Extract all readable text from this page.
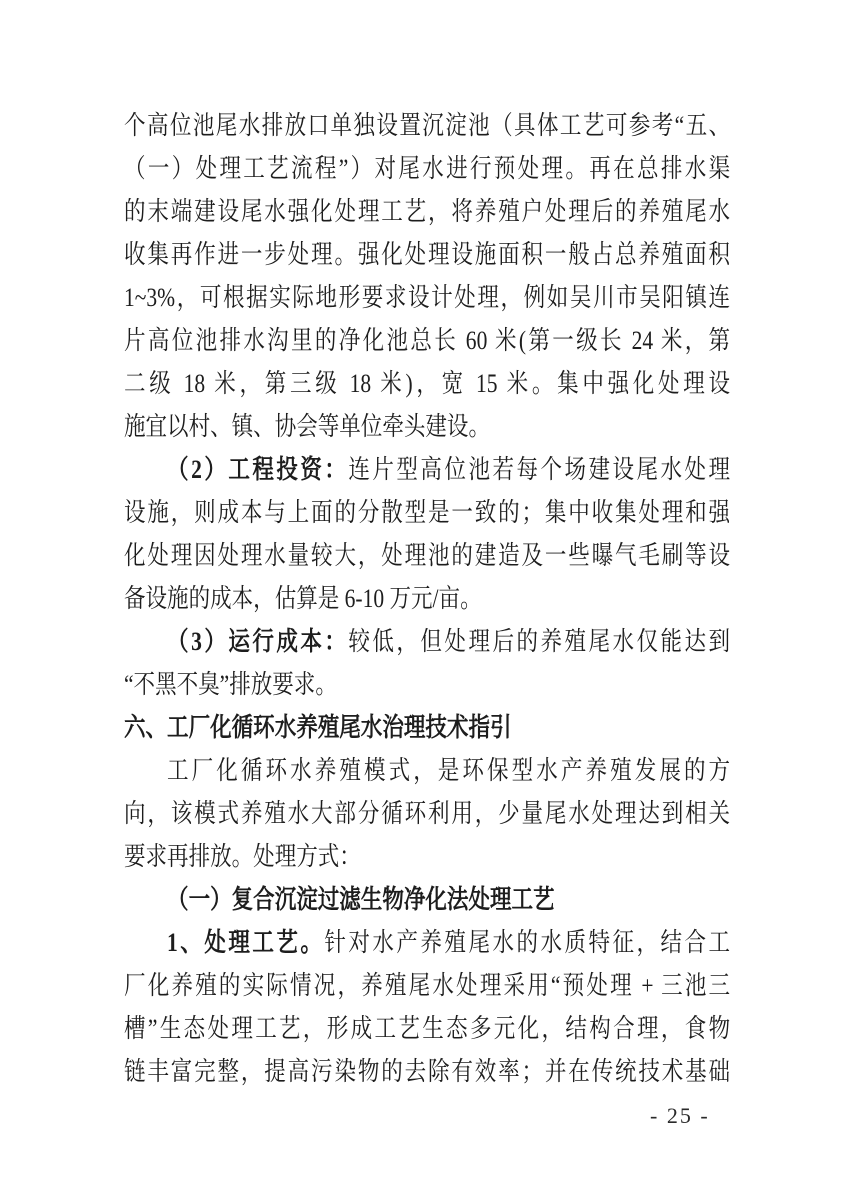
个高位池尾水排放口单独设置沉淀池（具体工艺可参考“五、
（一）处理工艺流程”）对尾水进行预处理。再在总排水渠
的末端建设尾水强化处理工艺，将养殖户处理后的养殖尾水
收集再作进一步处理。强化处理设施面积一般占总养殖面积
1~3%，可根据实际地形要求设计处理，例如吴川市吴阳镇连
片高位池排水沟里的净化池总长 60 米(第一级长 24 米，第
二级 18 米，第三级 18 米)，宽 15 米。集中强化处理设
施宜以村、镇、协会等单位牵头建设。
（2）工程投资：连片型高位池若每个场建设尾水处理
设施，则成本与上面的分散型是一致的；集中收集处理和强
化处理因处理水量较大，处理池的建造及一些曝气毛刷等设
备设施的成本，估算是 6-10 万元/亩。
（3）运行成本：较低，但处理后的养殖尾水仅能达到
“不黑不臭”排放要求。
六、工厂化循环水养殖尾水治理技术指引
工厂化循环水养殖模式，是环保型水产养殖发展的方
向，该模式养殖水大部分循环利用，少量尾水处理达到相关
要求再排放。处理方式：
（一）复合沉淀过滤生物净化法处理工艺
1、处理工艺。针对水产养殖尾水的水质特征，结合工
厂化养殖的实际情况，养殖尾水处理采用“预处理 + 三池三
槽”生态处理工艺，形成工艺生态多元化，结构合理，食物
链丰富完整，提高污染物的去除有效率；并在传统技术基础
- 25 -
